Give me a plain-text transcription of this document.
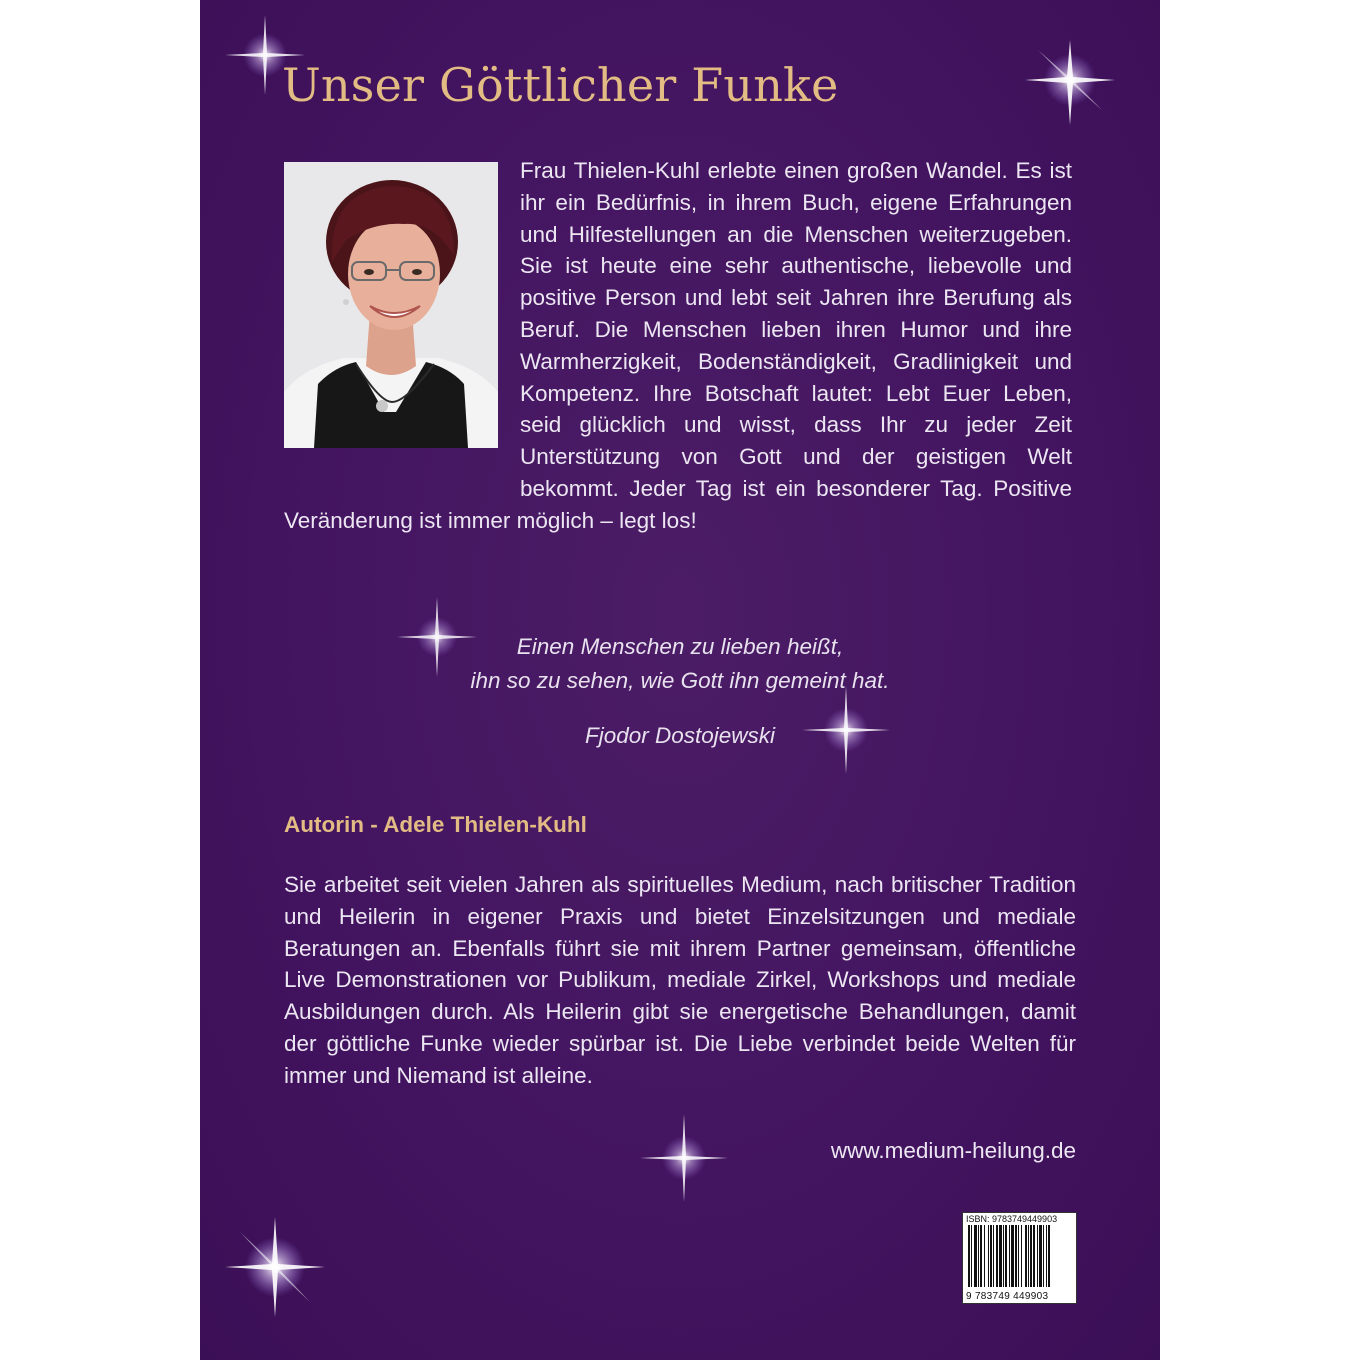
Unser Göttlicher Funke

Frau Thielen-Kuhl erlebte einen großen Wandel. Es ist ihr ein Bedürfnis, in ihrem Buch, eigene Erfahrungen und Hilfestellungen an die Menschen weiterzugeben. Sie ist heute eine sehr authentische, liebevolle und positive Person und lebt seit Jahren ihre Berufung als Beruf. Die Menschen lieben ihren Humor und ihre Warmherzigkeit, Bodenständigkeit, Gradlinigkeit und Kompetenz. Ihre Botschaft lautet: Lebt Euer Leben, seid glücklich und wisst, dass Ihr zu jeder Zeit Unterstützung von Gott und der geistigen Welt bekommt. Jeder Tag ist ein besonderer Tag. Positive Veränderung ist immer möglich – legt los!

Einen Menschen zu lieben heißt,
ihn so zu sehen, wie Gott ihn gemeint hat.
Fjodor Dostojewski
Autorin - Adele Thielen-Kuhl

Sie arbeitet seit vielen Jahren als spirituelles Medium, nach britischer Tradition und Heilerin in eigener Praxis und bietet Einzelsitzungen und mediale Beratungen an. Ebenfalls führt sie mit ihrem Partner gemeinsam, öffentliche Live Demonstrationen vor Publikum, mediale Zirkel, Workshops und mediale Ausbildungen durch. Als Heilerin gibt sie energetische Behandlungen, damit der göttliche Funke wieder spürbar ist. Die Liebe verbindet beide Welten für immer und Niemand ist alleine.

www.medium-heilung.de
ISBN: 9783749449903
9 783749 449903
